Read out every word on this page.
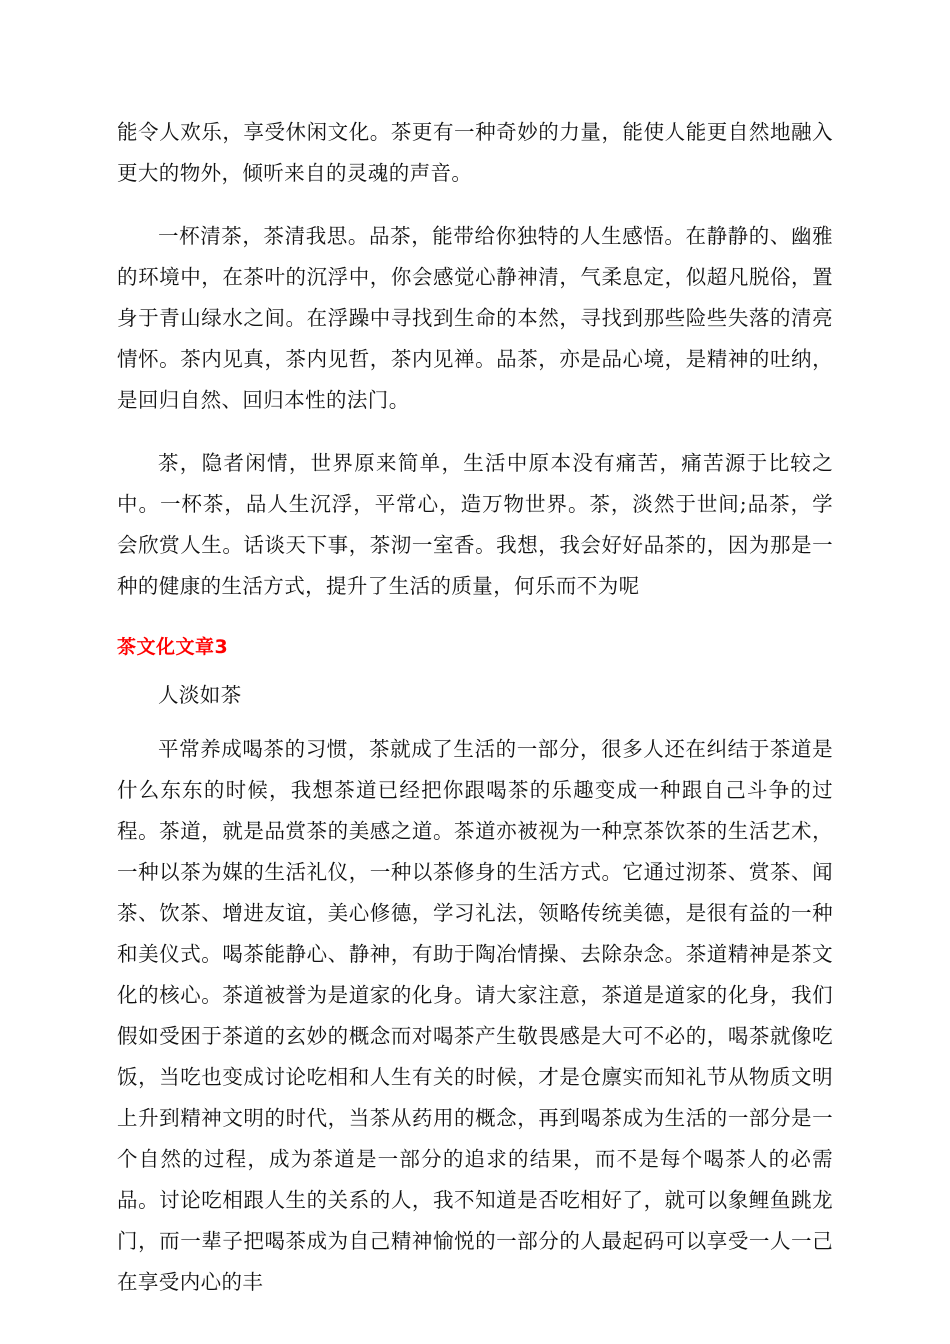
能令人欢乐，享受休闲文化。茶更有一种奇妙的力量，能使人能更自然地融入更大的物外，倾听来自的灵魂的声音。

一杯清茶，茶清我思。品茶，能带给你独特的人生感悟。在静静的、幽雅的环境中，在茶叶的沉浮中，你会感觉心静神清，气柔息定，似超凡脱俗，置身于青山绿水之间。在浮躁中寻找到生命的本然，寻找到那些险些失落的清亮情怀。茶内见真，茶内见哲，茶内见禅。品茶，亦是品心境，是精神的吐纳，是回归自然、回归本性的法门。

茶，隐者闲情，世界原来简单，生活中原本没有痛苦，痛苦源于比较之中。一杯茶，品人生沉浮，平常心，造万物世界。茶，淡然于世间;品茶，学会欣赏人生。话谈天下事，茶沏一室香。我想，我会好好品茶的，因为那是一种的健康的生活方式，提升了生活的质量，何乐而不为呢

茶文化文章3

人淡如茶

平常养成喝茶的习惯，茶就成了生活的一部分，很多人还在纠结于茶道是什么东东的时候，我想茶道已经把你跟喝茶的乐趣变成一种跟自己斗争的过程。茶道，就是品赏茶的美感之道。茶道亦被视为一种烹茶饮茶的生活艺术，一种以茶为媒的生活礼仪，一种以茶修身的生活方式。它通过沏茶、赏茶、闻茶、饮茶、增进友谊，美心修德，学习礼法，领略传统美德，是很有益的一种和美仪式。喝茶能静心、静神，有助于陶冶情操、去除杂念。茶道精神是茶文化的核心。茶道被誉为是道家的化身。请大家注意，茶道是道家的化身，我们假如受困于茶道的玄妙的概念而对喝茶产生敬畏感是大可不必的，喝茶就像吃饭，当吃也变成讨论吃相和人生有关的时候，才是仓廪实而知礼节从物质文明上升到精神文明的时代，当茶从药用的概念，再到喝茶成为生活的一部分是一个自然的过程，成为茶道是一部分的追求的结果，而不是每个喝茶人的必需品。讨论吃相跟人生的关系的人，我不知道是否吃相好了，就可以象鲤鱼跳龙门，而一辈子把喝茶成为自己精神愉悦的一部分的人最起码可以享受一人一己在享受内心的丰
